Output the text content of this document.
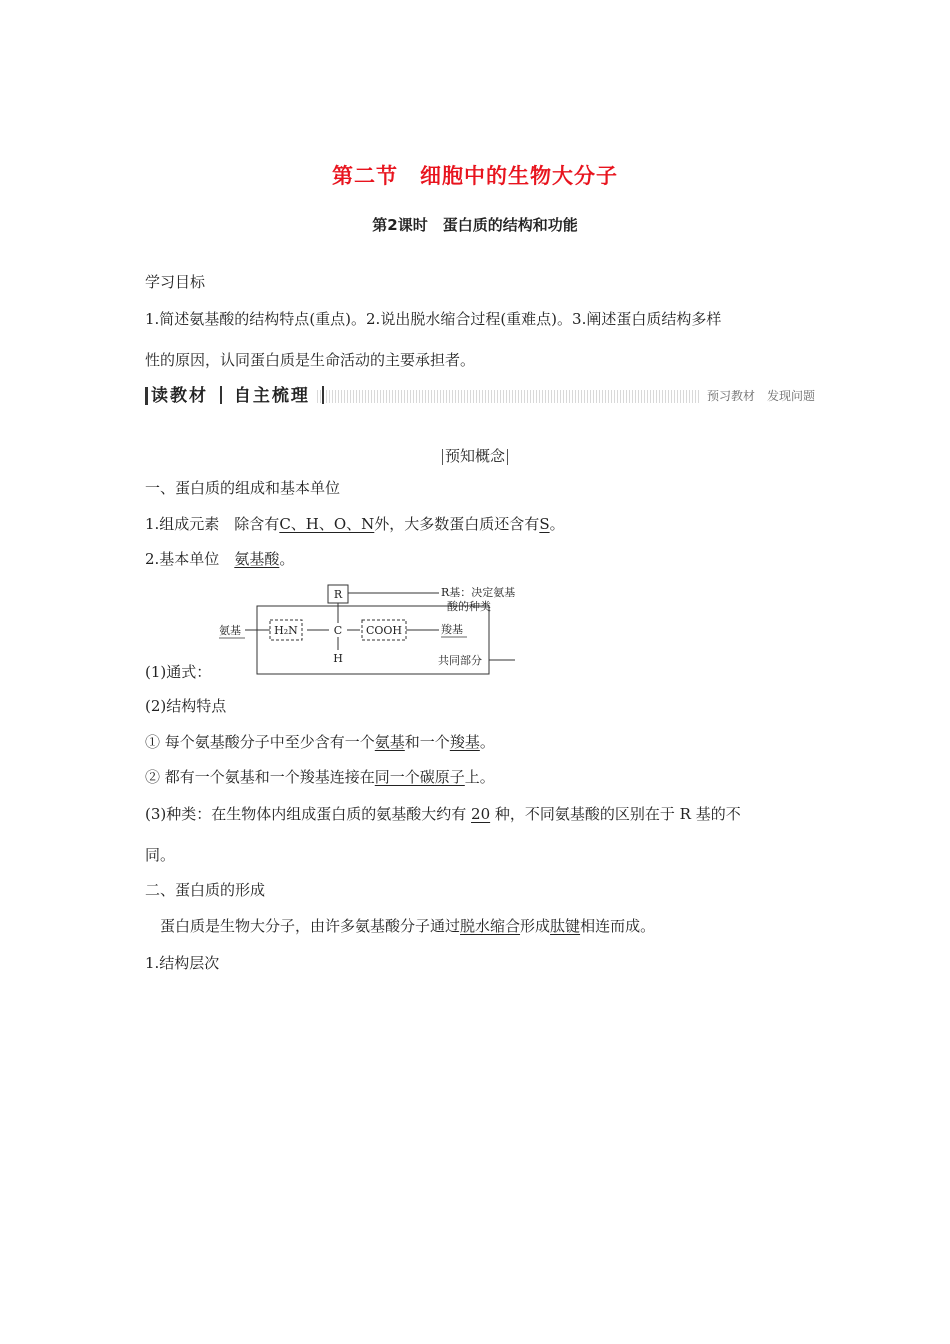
第二节　细胞中的生物大分子
第2课时　蛋白质的结构和功能
学习目标
1.简述氨基酸的结构特点(重点)。2.说出脱水缩合过程(重难点)。3.阐述蛋白质结构多样
性的原因，认同蛋白质是生命活动的主要承担者。
读教材 自主梳理	预习教材　发现问题
预知概念
一、蛋白质的组成和基本单位
1.组成元素　除含有C、H、O、N外，大多数蛋白质还含有S。
2.基本单位　氨基酸。
R
C
H
H₂N	COOH
氨基	羧基
R基：决定氨基
酸的种类
共同部分
(1)通式：
(2)结构特点
① 每个氨基酸分子中至少含有一个氨基和一个羧基。
② 都有一个氨基和一个羧基连接在同一个碳原子上。
(3)种类：在生物体内组成蛋白质的氨基酸大约有 20 种，不同氨基酸的区别在于 R 基的不
同。
二、蛋白质的形成
蛋白质是生物大分子，由许多氨基酸分子通过脱水缩合形成肽键相连而成。
1.结构层次
